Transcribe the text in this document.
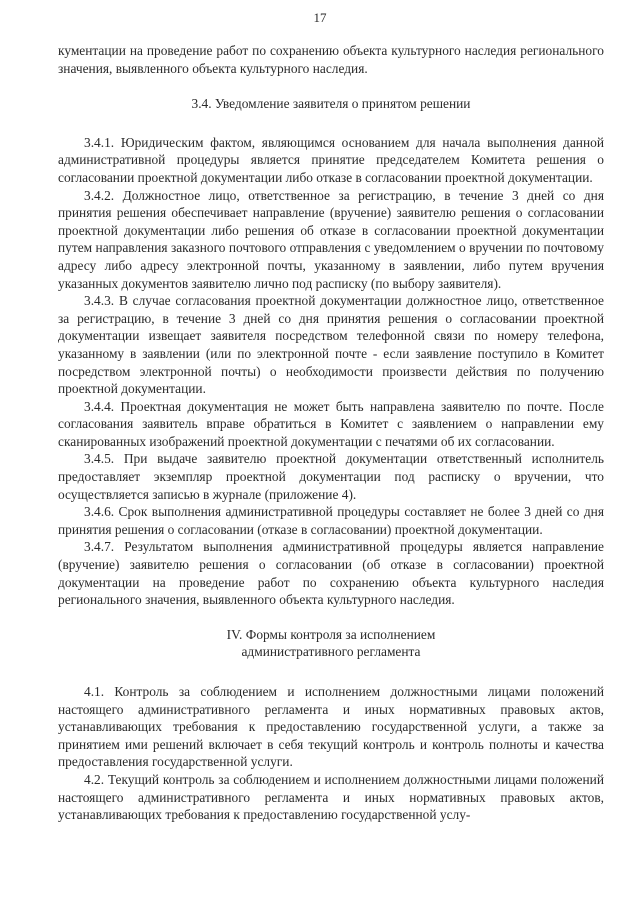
17

кументации на проведение работ по сохранению объекта культурного наследия регионального значения, выявленного объекта культурного наследия.

3.4. Уведомление заявителя о принятом решении

3.4.1. Юридическим фактом, являющимся основанием для начала выполнения данной административной процедуры является принятие председателем Комитета решения о согласовании проектной документации либо отказе в согласовании проектной документации.

3.4.2. Должностное лицо, ответственное за регистрацию, в течение 3 дней со дня принятия решения обеспечивает направление (вручение) заявителю решения о согласовании проектной документации либо решения об отказе в согласовании проектной документации путем направления заказного почтового отправления с уведомлением о вручении по почтовому адресу либо адресу электронной почты, указанному в заявлении, либо путем вручения указанных документов заявителю лично под расписку (по выбору заявителя).

3.4.3. В случае согласования проектной документации должностное лицо, ответственное за регистрацию, в течение 3 дней со дня принятия решения о согласовании проектной документации извещает заявителя посредством телефонной связи по номеру телефона, указанному в заявлении (или по электронной почте - если заявление поступило в Комитет посредством электронной почты) о необходимости произвести действия по получению проектной документации.

3.4.4. Проектная документация не может быть направлена заявителю по почте. После согласования заявитель вправе обратиться в Комитет с заявлением о направлении ему сканированных изображений проектной документации с печатями об их согласовании.

3.4.5. При выдаче заявителю проектной документации ответственный исполнитель предоставляет экземпляр проектной документации под расписку о вручении, что осуществляется записью в журнале (приложение 4).

3.4.6. Срок выполнения административной процедуры составляет не более 3 дней со дня принятия решения о согласовании (отказе в согласовании) проектной документации.

3.4.7. Результатом выполнения административной процедуры является направление (вручение) заявителю решения о согласовании (об отказе в согласовании) проектной документации на проведение работ по сохранению объекта культурного наследия регионального значения, выявленного объекта культурного наследия.

IV. Формы контроля за исполнением
административного регламента

4.1. Контроль за соблюдением и исполнением должностными лицами положений настоящего административного регламента и иных нормативных правовых актов, устанавливающих требования к предоставлению государственной услуги, а также за принятием ими решений включает в себя текущий контроль и контроль полноты и качества предоставления государственной услуги.

4.2. Текущий контроль за соблюдением и исполнением должностными лицами положений настоящего административного регламента и иных нормативных правовых актов, устанавливающих требования к предоставлению государственной услу-
